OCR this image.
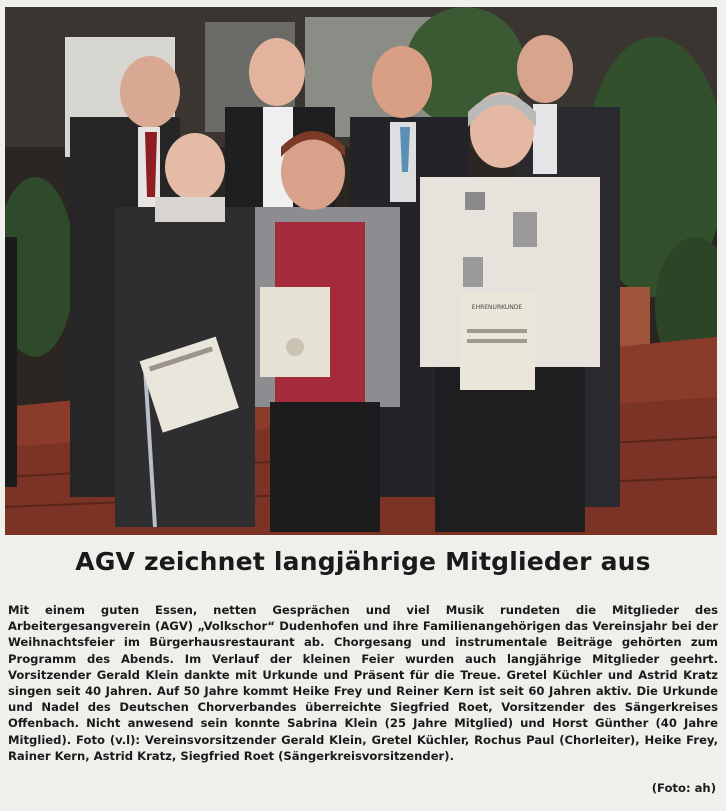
EHRENURKUNDE
AGV zeichnet langjährige Mitglieder aus
Mit einem guten Essen, netten Gesprächen und viel Musik rundeten die Mitglieder des Arbeitergesangverein (AGV) „Volkschor“ Dudenhofen und ihre Familienangehörigen das Vereinsjahr bei der Weihnachtsfeier im Bürgerhausrestaurant ab. Chorgesang und instrumentale Beiträge gehörten zum Programm des Abends. Im Verlauf der kleinen Feier wurden auch langjährige Mitglieder geehrt. Vorsitzender Gerald Klein dankte mit Urkunde und Präsent für die Treue. Gretel Küchler und Astrid Kratz singen seit 40 Jahren. Auf 50 Jahre kommt Heike Frey und Reiner Kern ist seit 60 Jahren aktiv. Die Urkunde und Nadel des Deutschen Chorverbandes überreichte Siegfried Roet, Vorsitzender des Sängerkreises Offenbach. Nicht anwesend sein konnte Sabrina Klein (25 Jahre Mitglied) und Horst Günther (40 Jahre Mitglied). Foto (v.l): Vereinsvorsitzender Gerald Klein, Gretel Küchler, Rochus Paul (Chorleiter), Heike Frey, Rainer Kern, Astrid Kratz, Siegfried Roet (Sängerkreisvorsitzender).
(Foto: ah)
